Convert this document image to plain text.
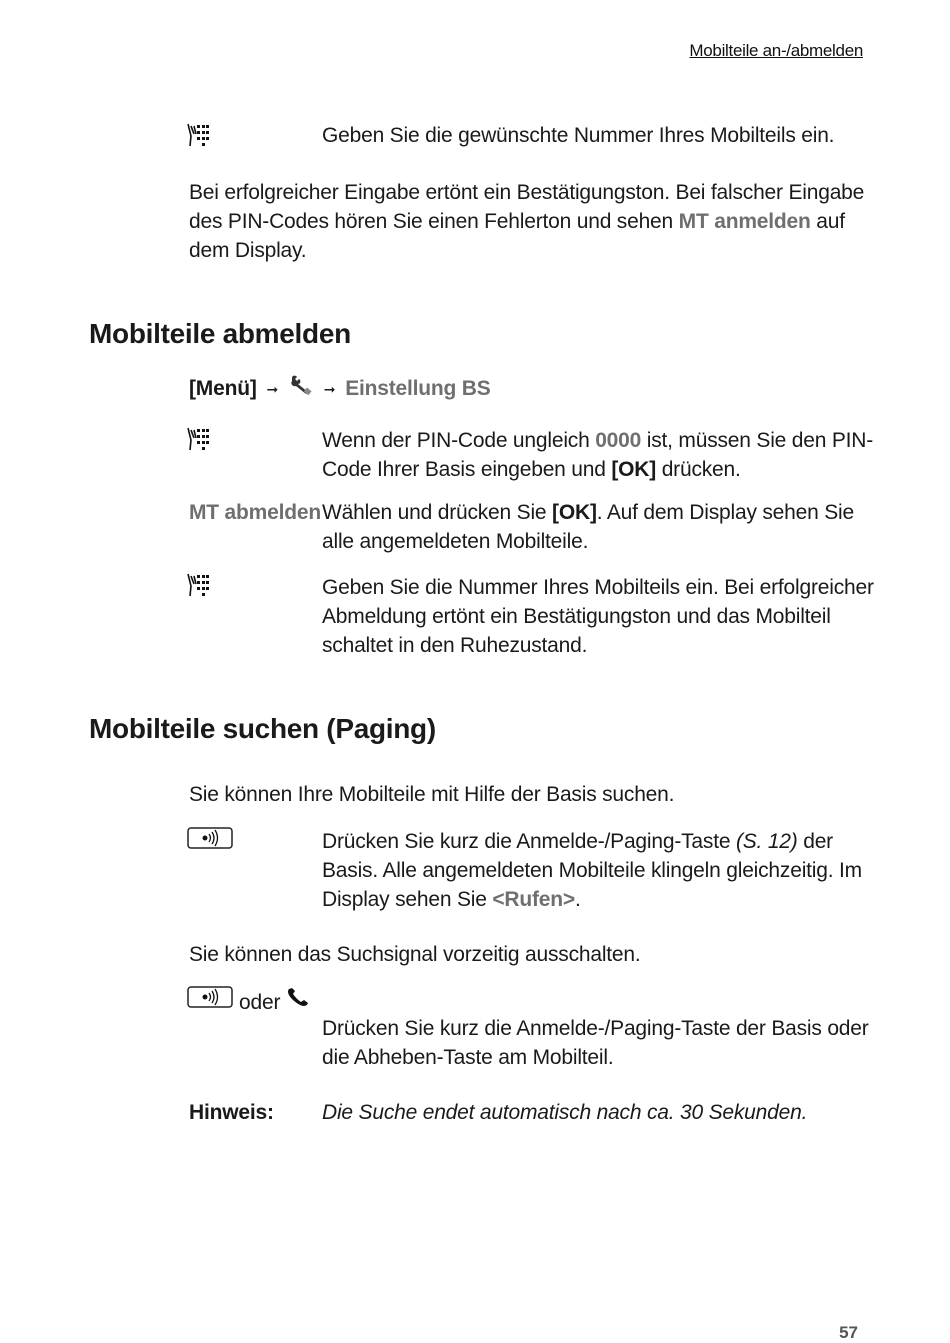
Mobilteile an-/abmelden
Geben Sie die gewünschte Nummer Ihres Mobilteils ein.
Bei erfolgreicher Eingabe ertönt ein Bestätigungston. Bei falscher Eingabe des PIN-Codes hören Sie einen Fehlerton und sehen MT anmelden auf dem Display.
Mobilteile abmelden
[Menü] ➞	➞ Einstellung BS
Wenn der PIN-Code ungleich 0000 ist, müssen Sie den PIN-Code Ihrer Basis eingeben und [OK] drücken.
MT abmelden Wählen und drücken Sie [OK]. Auf dem Display sehen Sie alle angemeldeten Mobilteile.
Geben Sie die Nummer Ihres Mobilteils ein. Bei erfolgreicher Abmeldung ertönt ein Bestätigungston und das Mobilteil schaltet in den Ruhezustand.
Mobilteile suchen (Paging)
Sie können Ihre Mobilteile mit Hilfe der Basis suchen.
Drücken Sie kurz die Anmelde-/Paging-Taste (S. 12) der Basis. Alle angemeldeten Mobilteile klingeln gleichzeitig. Im Display sehen Sie <Rufen>.
Sie können das Suchsignal vorzeitig ausschalten.
oder
Drücken Sie kurz die Anmelde-/Paging-Taste der Basis oder die Abheben-Taste am Mobilteil.
Hinweis: Die Suche endet automatisch nach ca. 30 Sekunden.
57
